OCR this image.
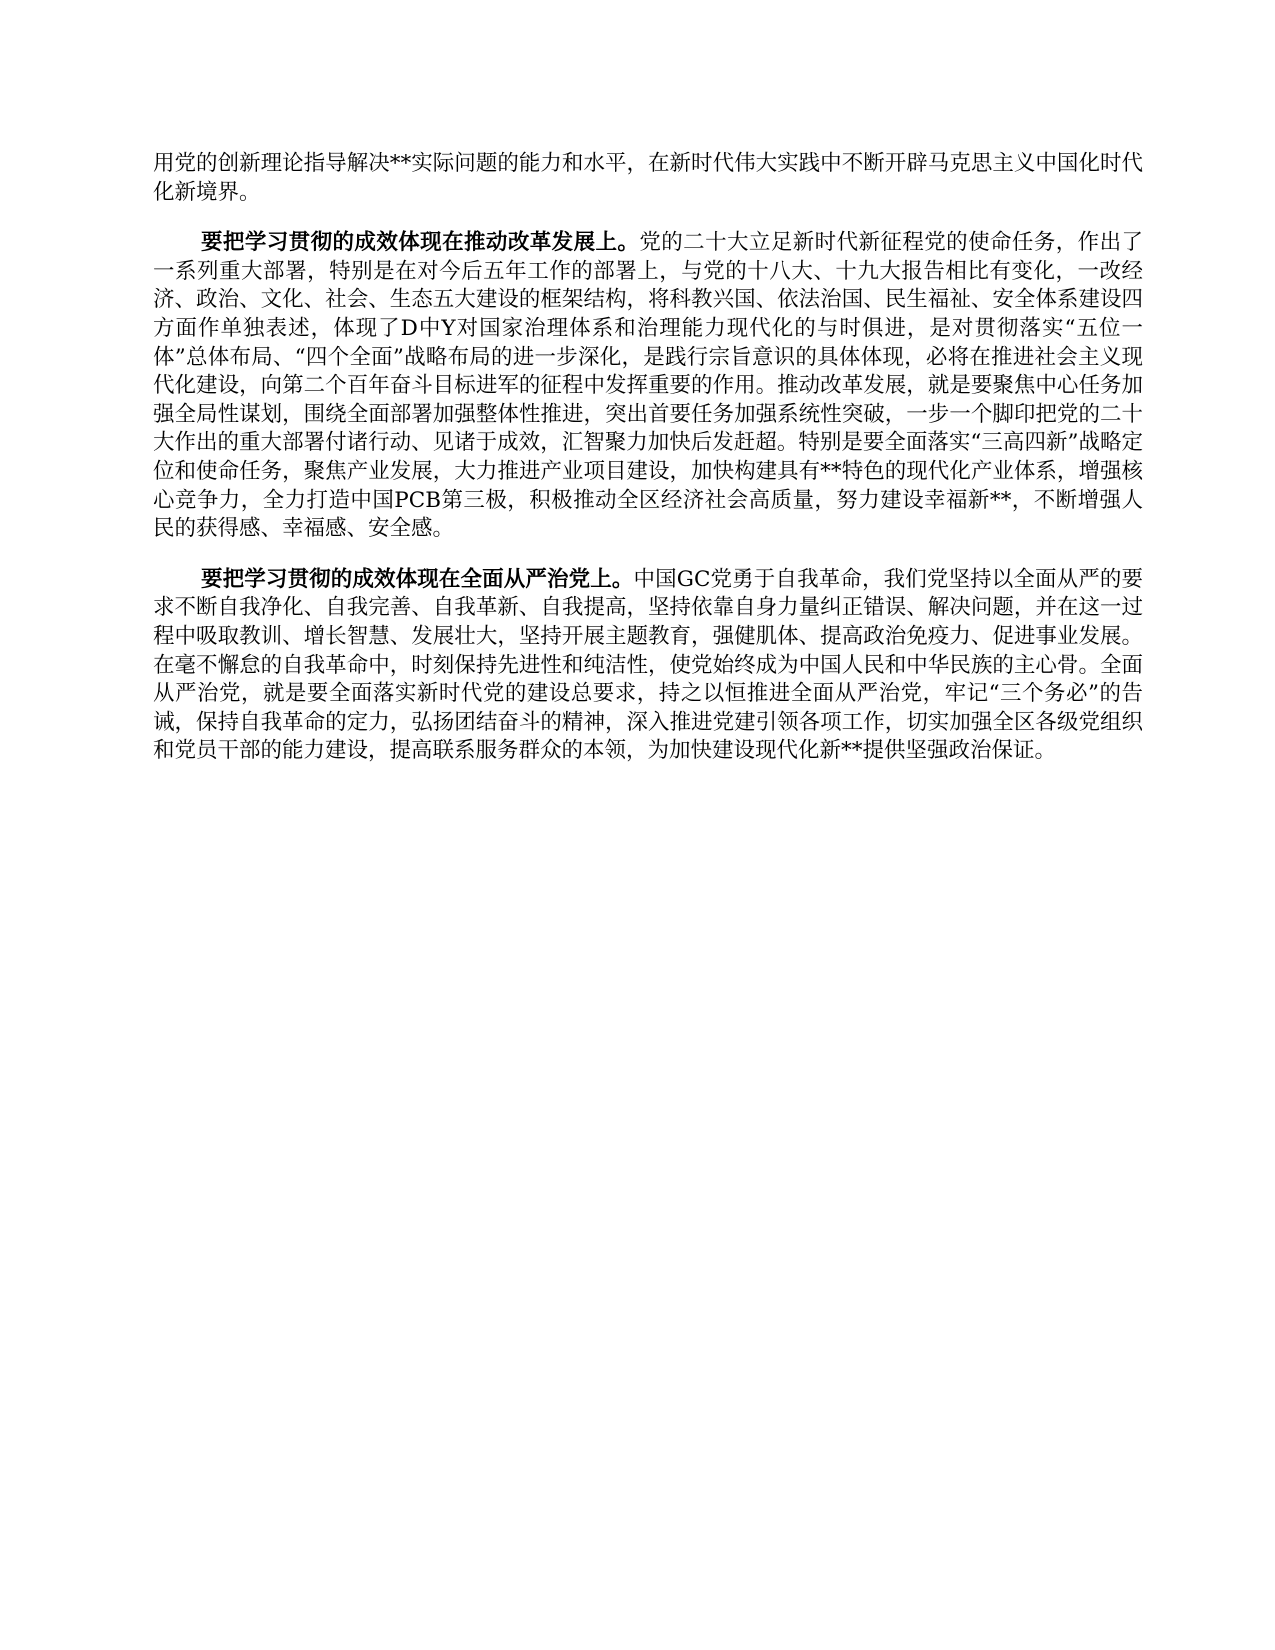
用党的创新理论指导解决**实际问题的能力和水平，在新时代伟大实践中不断开辟马克思主义中国化时代化新境界。

要把学习贯彻的成效体现在推动改革发展上。党的二十大立足新时代新征程党的使命任务，作出了一系列重大部署，特别是在对今后五年工作的部署上，与党的十八大、十九大报告相比有变化，一改经济、政治、文化、社会、生态五大建设的框架结构，将科教兴国、依法治国、民生福祉、安全体系建设四方面作单独表述，体现了D中Y对国家治理体系和治理能力现代化的与时俱进，是对贯彻落实“五位一体”总体布局、“四个全面”战略布局的进一步深化，是践行宗旨意识的具体体现，必将在推进社会主义现代化建设，向第二个百年奋斗目标进军的征程中发挥重要的作用。推动改革发展，就是要聚焦中心任务加强全局性谋划，围绕全面部署加强整体性推进，突出首要任务加强系统性突破，一步一个脚印把党的二十大作出的重大部署付诸行动、见诸于成效，汇智聚力加快后发赶超。特别是要全面落实“三高四新”战略定位和使命任务，聚焦产业发展，大力推进产业项目建设，加快构建具有**特色的现代化产业体系，增强核心竞争力，全力打造中国PCB第三极，积极推动全区经济社会高质量，努力建设幸福新**，不断增强人民的获得感、幸福感、安全感。

要把学习贯彻的成效体现在全面从严治党上。中国GC党勇于自我革命，我们党坚持以全面从严的要求不断自我净化、自我完善、自我革新、自我提高，坚持依靠自身力量纠正错误、解决问题，并在这一过程中吸取教训、增长智慧、发展壮大，坚持开展主题教育，强健肌体、提高政治免疫力、促进事业发展。在毫不懈怠的自我革命中，时刻保持先进性和纯洁性，使党始终成为中国人民和中华民族的主心骨。全面从严治党，就是要全面落实新时代党的建设总要求，持之以恒推进全面从严治党，牢记“三个务必”的告诫，保持自我革命的定力，弘扬团结奋斗的精神，深入推进党建引领各项工作，切实加强全区各级党组织和党员干部的能力建设，提高联系服务群众的本领，为加快建设现代化新**提供坚强政治保证。
